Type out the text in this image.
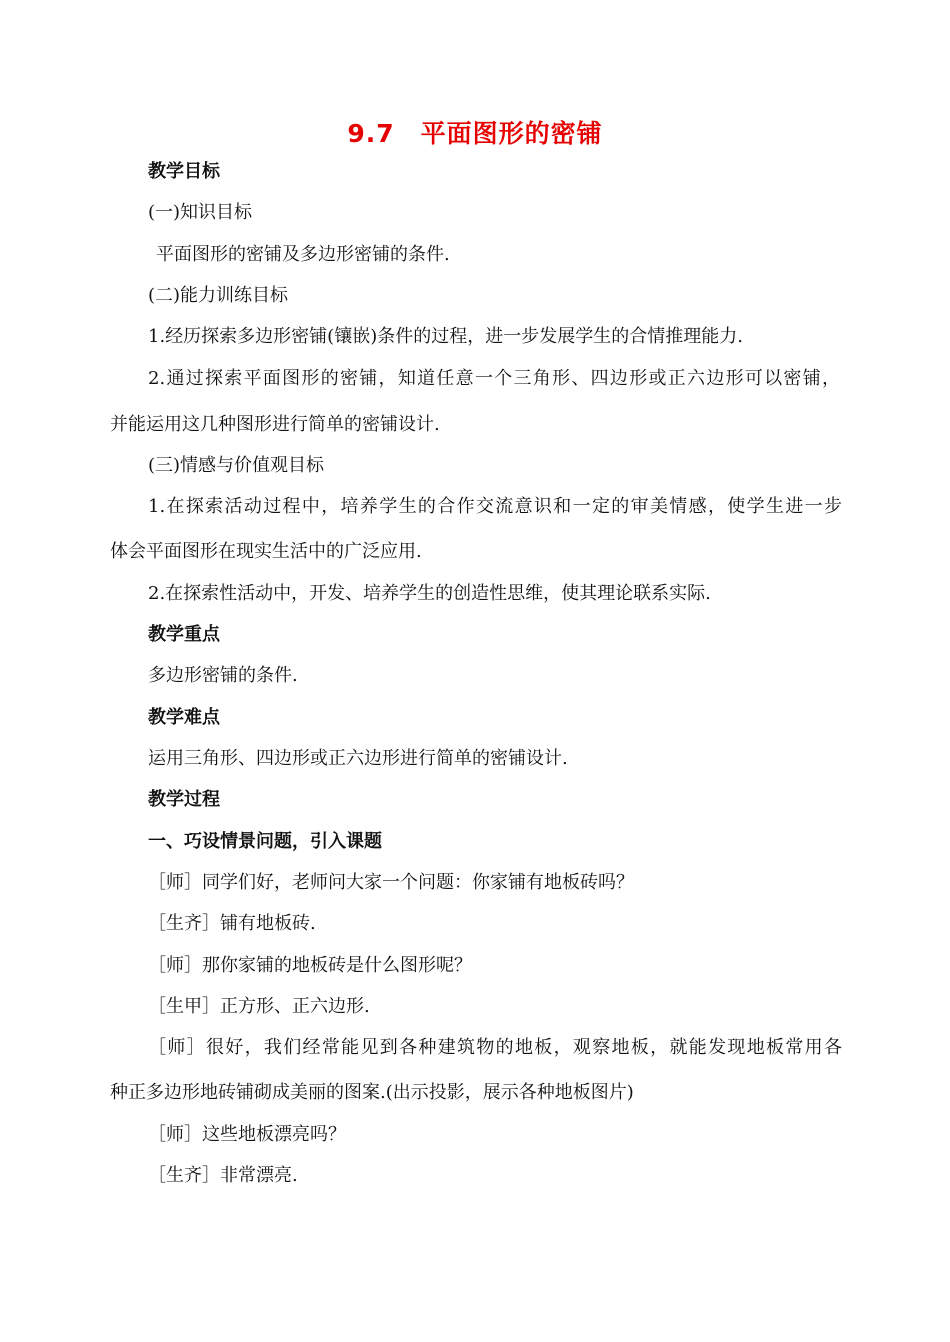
9.7　平面图形的密铺
教学目标
(一)知识目标
平面图形的密铺及多边形密铺的条件.
(二)能力训练目标
1.经历探索多边形密铺(镶嵌)条件的过程，进一步发展学生的合情推理能力.
2.通过探索平面图形的密铺，知道任意一个三角形、四边形或正六边形可以密铺，
并能运用这几种图形进行简单的密铺设计.
(三)情感与价值观目标
1.在探索活动过程中，培养学生的合作交流意识和一定的审美情感，使学生进一步
体会平面图形在现实生活中的广泛应用.
2.在探索性活动中，开发、培养学生的创造性思维，使其理论联系实际.
教学重点
多边形密铺的条件.
教学难点
运用三角形、四边形或正六边形进行简单的密铺设计.
教学过程
一、巧设情景问题，引入课题
［师］同学们好，老师问大家一个问题：你家铺有地板砖吗？
［生齐］铺有地板砖.
［师］那你家铺的地板砖是什么图形呢？
［生甲］正方形、正六边形.
［师］很好，我们经常能见到各种建筑物的地板，观察地板，就能发现地板常用各
种正多边形地砖铺砌成美丽的图案.(出示投影，展示各种地板图片)
［师］这些地板漂亮吗？
［生齐］非常漂亮.
